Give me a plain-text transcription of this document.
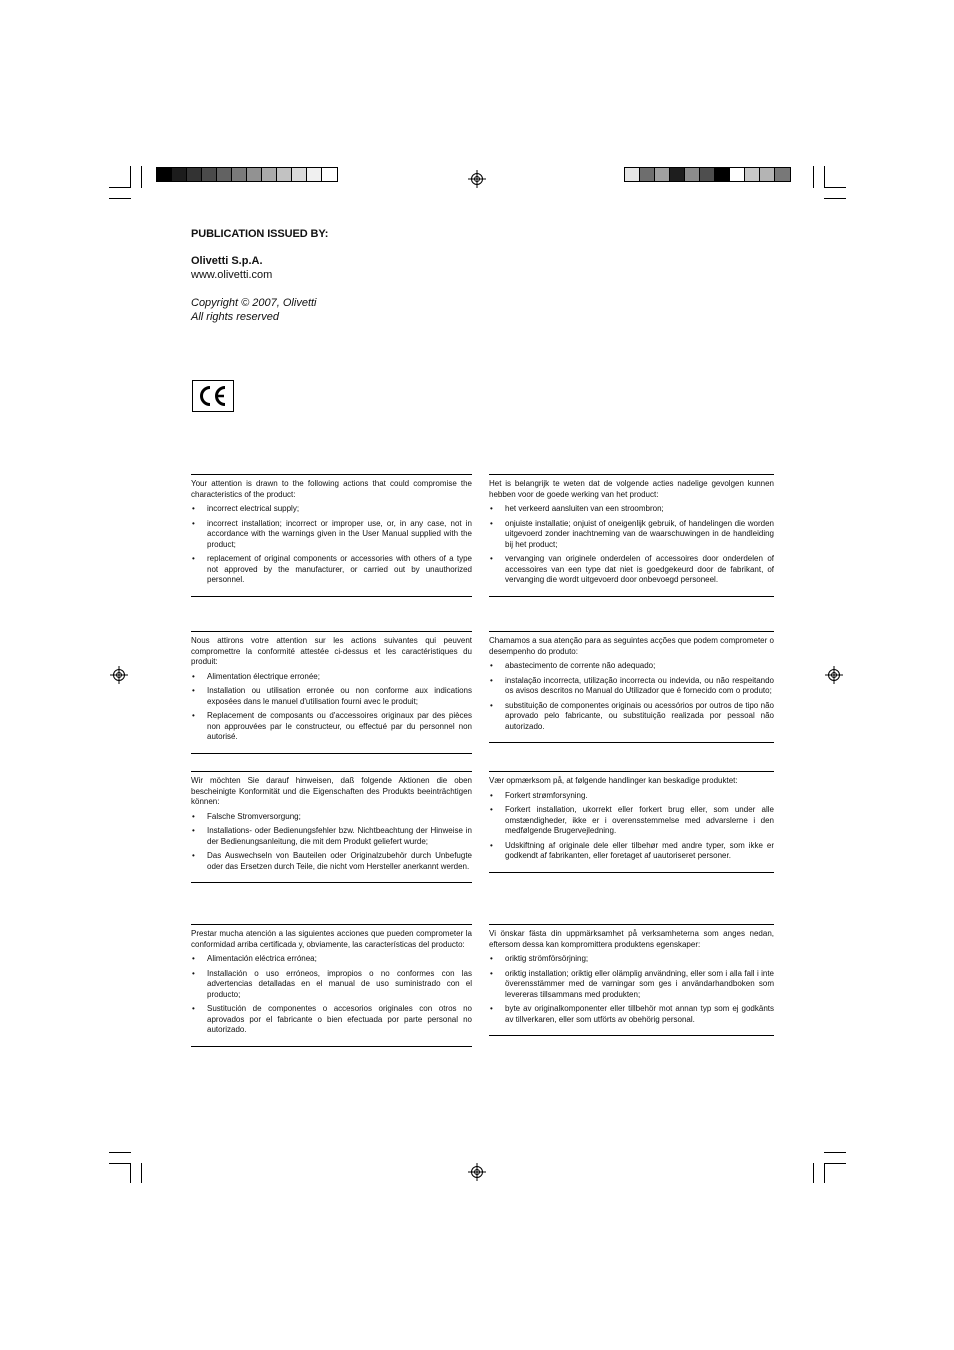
PUBLICATION ISSUED BY:
Olivetti S.p.A.
www.olivetti.com
Copyright © 2007, Olivetti
All rights reserved

Your attention is drawn to the following actions that could compromise the characteristics of the product:

• incorrect electrical supply;
• incorrect installation; incorrect or improper use, or, in any case, not in accordance with the warnings given in the User Manual supplied with the product;
• replacement of original components or accessories with others of a type not approved by the manufacturer, or carried out by unauthorized personnel.

Het is belangrijk te weten dat de volgende acties nadelige gevolgen kunnen hebben voor de goede werking van het product:

• het verkeerd aansluiten van een stroombron;
• onjuiste installatie; onjuist of oneigenlijk gebruik, of handelingen die worden uitgevoerd zonder inachtneming van de waarschuwingen in de handleiding bij het product;
• vervanging van originele onderdelen of accessoires door onderdelen of accessoires van een type dat niet is goedgekeurd door de fabrikant, of vervanging die wordt uitgevoerd door onbevoegd personeel.

Nous attirons votre attention sur les actions suivantes qui peuvent compromettre la conformité attestée ci-dessus et les caractéristiques du produit:

• Alimentation électrique erronée;
• Installation ou utilisation erronée ou non conforme aux indications exposées dans le manuel d'utilisation fourni avec le produit;
• Replacement de composants ou d'accessoires originaux par des pièces non approuvées par le constructeur, ou effectué par du personnel non autorisé.

Chamamos a sua atenção para as seguintes acções que podem comprometer o desempenho do produto:

• abastecimento de corrente não adequado;
• instalação incorrecta, utilização incorrecta ou indevida, ou não respeitando os avisos descritos no Manual do Utilizador que é fornecido com o produto;
• substituição de componentes originais ou acessórios por outros de tipo não aprovado pelo fabricante, ou substituição realizada por pessoal não autorizado.

Wir möchten Sie darauf hinweisen, daß folgende Aktionen die oben bescheinigte Konformität und die Eigenschaften des Produkts beeinträchtigen können:

• Falsche Stromversorgung;
• Installations- oder Bedienungsfehler bzw. Nichtbeachtung der Hinweise in der Bedienungsanleitung, die mit dem Produkt geliefert wurde;
• Das Auswechseln von Bauteilen oder Originalzubehör durch Unbefugte oder das Ersetzen durch Teile, die nicht vom Hersteller anerkannt werden.

Vær opmærksom på, at følgende handlinger kan beskadige produktet:

• Forkert strømforsyning.
• Forkert installation, ukorrekt eller forkert brug eller, som under alle omstændigheder, ikke er i overensstemmelse med advarslerne i den medfølgende Brugervejledning.
• Udskiftning af originale dele eller tilbehør med andre typer, som ikke er godkendt af fabrikanten, eller foretaget af uautoriseret personer.

Prestar mucha atención a las siguientes acciones que pueden comprometer la conformidad arriba certificada y, obviamente, las características del producto:

• Alimentación eléctrica errónea;
• Installación o uso erróneos, impropios o no conformes con las advertencias detalladas en el manual de uso suministrado con el producto;
• Sustitución de componentes o accesorios originales con otros no aprovados por el fabricante o bien efectuada por parte personal no autorizado.

Vi önskar fästa din uppmärksamhet på verksamheterna som anges nedan, eftersom dessa kan kompromittera produktens egenskaper:

• oriktig strömförsörjning;
• oriktig installation; oriktig eller olämplig användning, eller som i alla fall i inte överensstämmer med de varningar som ges i användarhandboken som levereras tillsammans med produkten;
• byte av originalkomponenter eller tillbehör mot annan typ som ej godkänts av tillverkaren, eller som utförts av obehörig personal.
